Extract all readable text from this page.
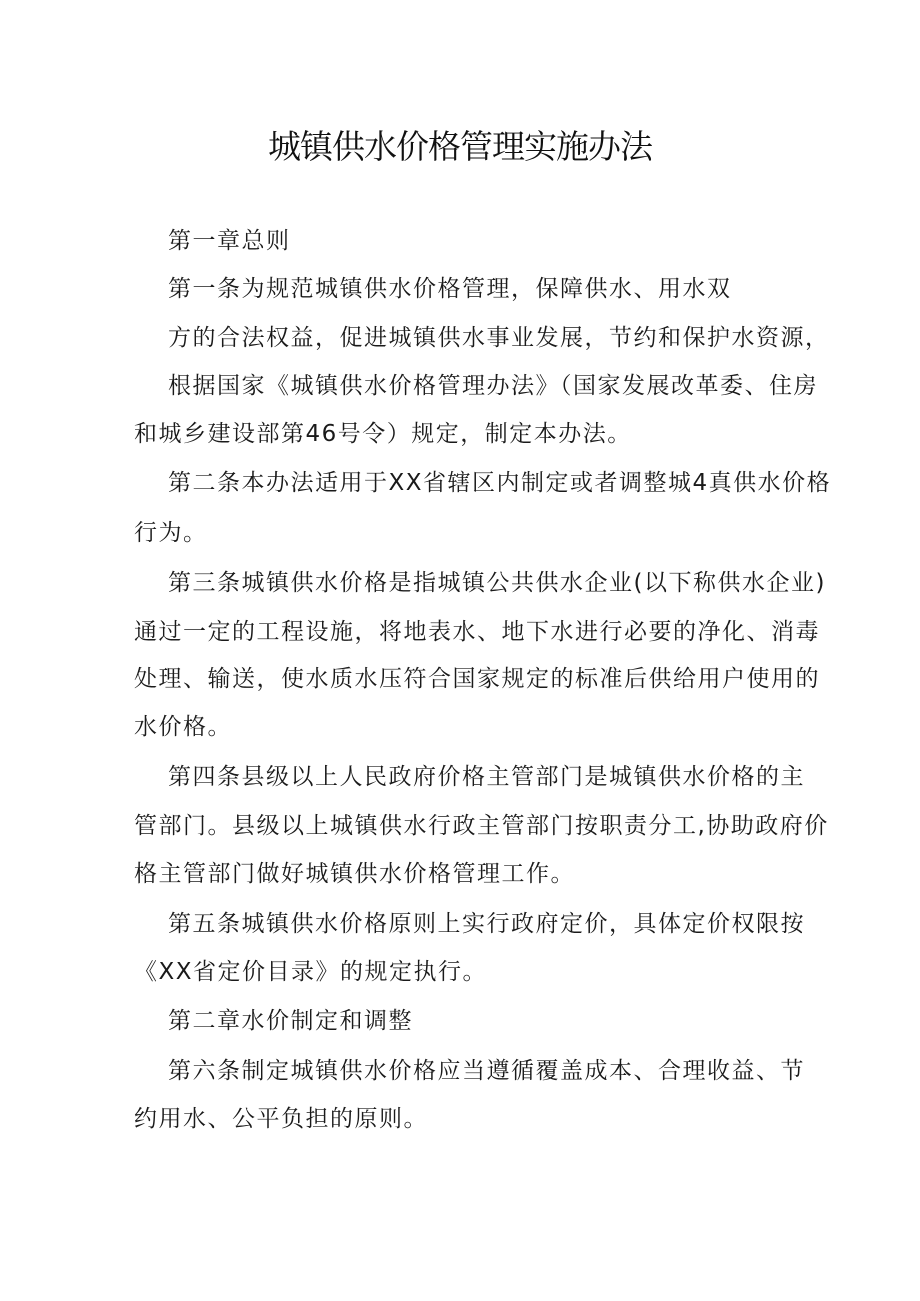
城镇供水价格管理实施办法
第一章总则
第一条为规范城镇供水价格管理，保障供水、用水双
方的合法权益，促进城镇供水事业发展，节约和保护水资源，
根据国家《城镇供水价格管理办法》（国家发展改革委、住房
和城乡建设部第46号令）规定，制定本办法。
第二条本办法适用于XX省辖区内制定或者调整城4真供水价格
行为。
第三条城镇供水价格是指城镇公共供水企业(以下称供水企业)
通过一定的工程设施，将地表水、地下水进行必要的净化、消毒
处理、输送，使水质水压符合国家规定的标准后供给用户使用的
水价格。
第四条县级以上人民政府价格主管部门是城镇供水价格的主
管部门。县级以上城镇供水行政主管部门按职责分工,协助政府价
格主管部门做好城镇供水价格管理工作。
第五条城镇供水价格原则上实行政府定价，具体定价权限按
《XX省定价目录》的规定执行。
第二章水价制定和调整
第六条制定城镇供水价格应当遵循覆盖成本、合理收益、节
约用水、公平负担的原则。
